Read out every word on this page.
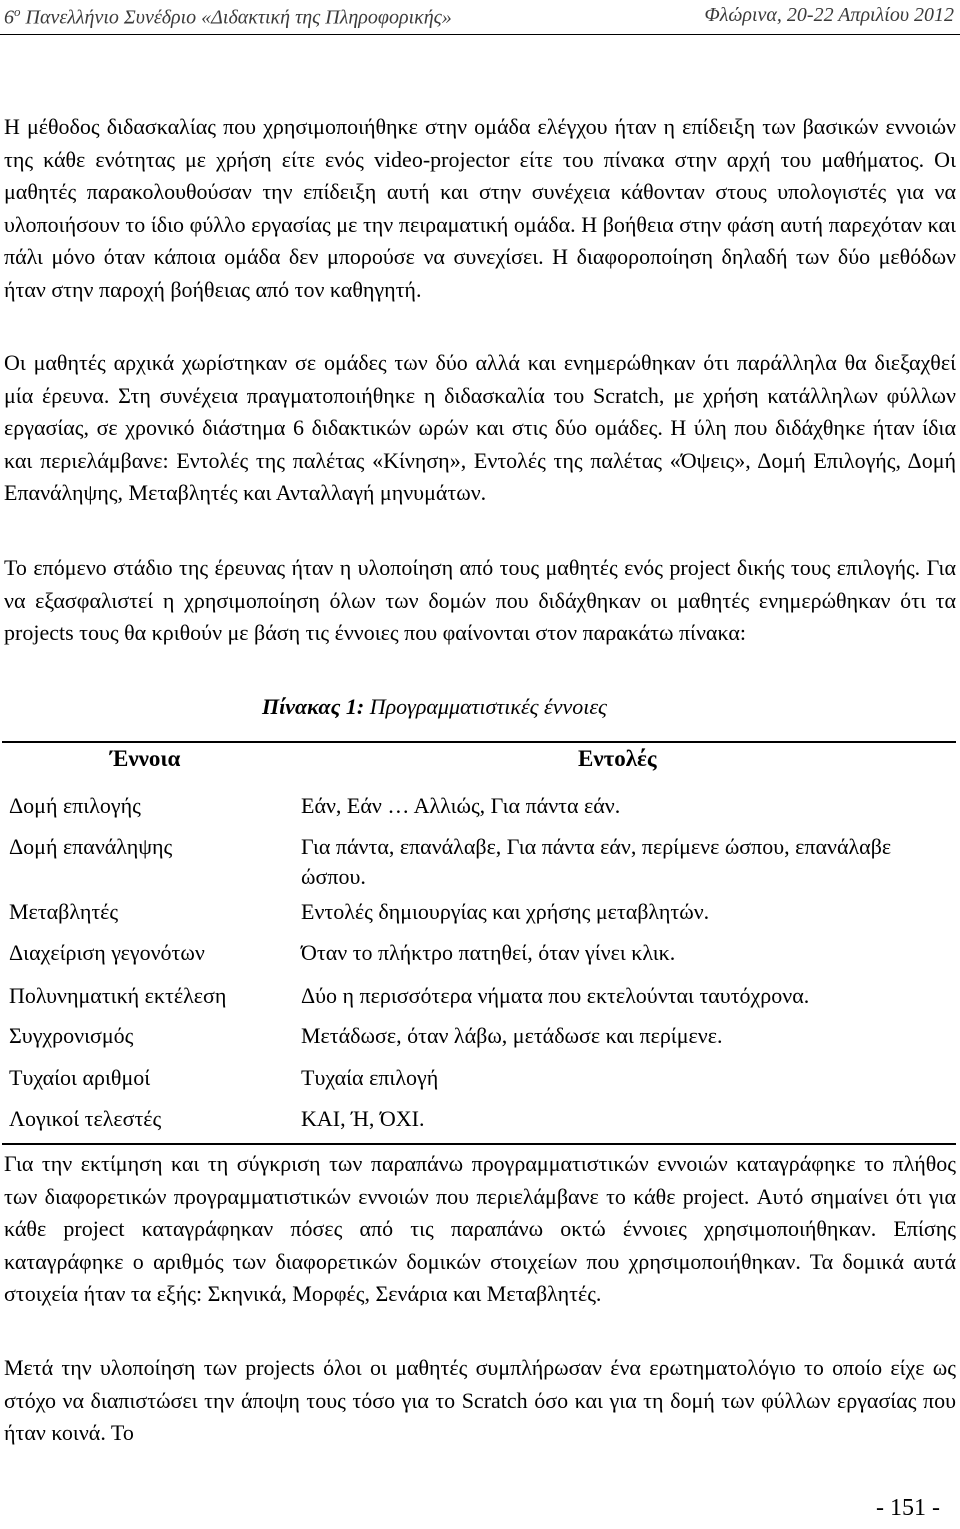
$6^o$ Πανελλήνιο Συνέδριο «Διδακτική της Πληροφορικής»	Φλώρινα, 20-22 Απριλίου 2012

Η μέθοδος διδασκαλίας που χρησιμοποιήθηκε στην ομάδα ελέγχου ήταν η επίδειξη των βασικών εννοιών της κάθε ενότητας με χρήση είτε ενός video-projector είτε του πίνακα στην αρχή του μαθήματος. Οι μαθητές παρακολουθούσαν την επίδειξη αυτή και στην συνέχεια κάθονταν στους υπολογιστές για να υλοποιήσουν το ίδιο φύλλο εργασίας με την πειραματική ομάδα. Η βοήθεια στην φάση αυτή παρεχόταν και πάλι μόνο όταν κάποια ομάδα δεν μπορούσε να συνεχίσει. Η διαφοροποίηση δηλαδή των δύο μεθόδων ήταν στην παροχή βοήθειας από τον καθηγητή.

Οι μαθητές αρχικά χωρίστηκαν σε ομάδες των δύο αλλά και ενημερώθηκαν ότι παράλληλα θα διεξαχθεί μία έρευνα. Στη συνέχεια πραγματοποιήθηκε η διδασκαλία του Scratch, με χρήση κατάλληλων φύλλων εργασίας, σε χρονικό διάστημα 6 διδακτικών ωρών και στις δύο ομάδες. Η ύλη που διδάχθηκε ήταν ίδια και περιελάμβανε: Εντολές της παλέτας «Κίνηση», Εντολές της παλέτας «Όψεις», Δομή Επιλογής, Δομή Επανάληψης, Μεταβλητές και Ανταλλαγή μηνυμάτων.

Το επόμενο στάδιο της έρευνας ήταν η υλοποίηση από τους μαθητές ενός project δικής τους επιλογής. Για να εξασφαλιστεί η χρησιμοποίηση όλων των δομών που διδάχθηκαν οι μαθητές ενημερώθηκαν ότι τα projects τους θα κριθούν με βάση τις έννοιες που φαίνονται στον παρακάτω πίνακα:

Πίνακας 1: Προγραμματιστικές έννοιες
Έννοια	Εντολές
Δομή επιλογής	Εάν, Εάν … Αλλιώς, Για πάντα εάν.
Δομή επανάληψης	Για πάντα, επανάλαβε, Για πάντα εάν, περίμενε ώσπου, επανάλαβε ώσπου.
Μεταβλητές	Εντολές δημιουργίας και χρήσης μεταβλητών.
Διαχείριση γεγονότων	Όταν το πλήκτρο πατηθεί, όταν γίνει κλικ.
Πολυνηματική εκτέλεση	Δύο η περισσότερα νήματα που εκτελούνται ταυτόχρονα.
Συγχρονισμός	Μετάδωσε, όταν λάβω, μετάδωσε και περίμενε.
Τυχαίοι αριθμοί	Τυχαία επιλογή
Λογικοί τελεστές	ΚΑΙ, Ή, ΌΧΙ.

Για την εκτίμηση και τη σύγκριση των παραπάνω προγραμματιστικών εννοιών καταγράφηκε το πλήθος των διαφορετικών προγραμματιστικών εννοιών που περιελάμβανε το κάθε project. Αυτό σημαίνει ότι για κάθε project καταγράφηκαν πόσες από τις παραπάνω οκτώ έννοιες χρησιμοποιήθηκαν. Επίσης καταγράφηκε ο αριθμός των διαφορετικών δομικών στοιχείων που χρησιμοποιήθηκαν. Τα δομικά αυτά στοιχεία ήταν τα εξής: Σκηνικά, Μορφές, Σενάρια και Μεταβλητές.

Μετά την υλοποίηση των projects όλοι οι μαθητές συμπλήρωσαν ένα ερωτηματολόγιο το οποίο είχε ως στόχο να διαπιστώσει την άποψη τους τόσο για το Scratch όσο και για τη δομή των φύλλων εργασίας που ήταν κοινά. Το

- 151 -
